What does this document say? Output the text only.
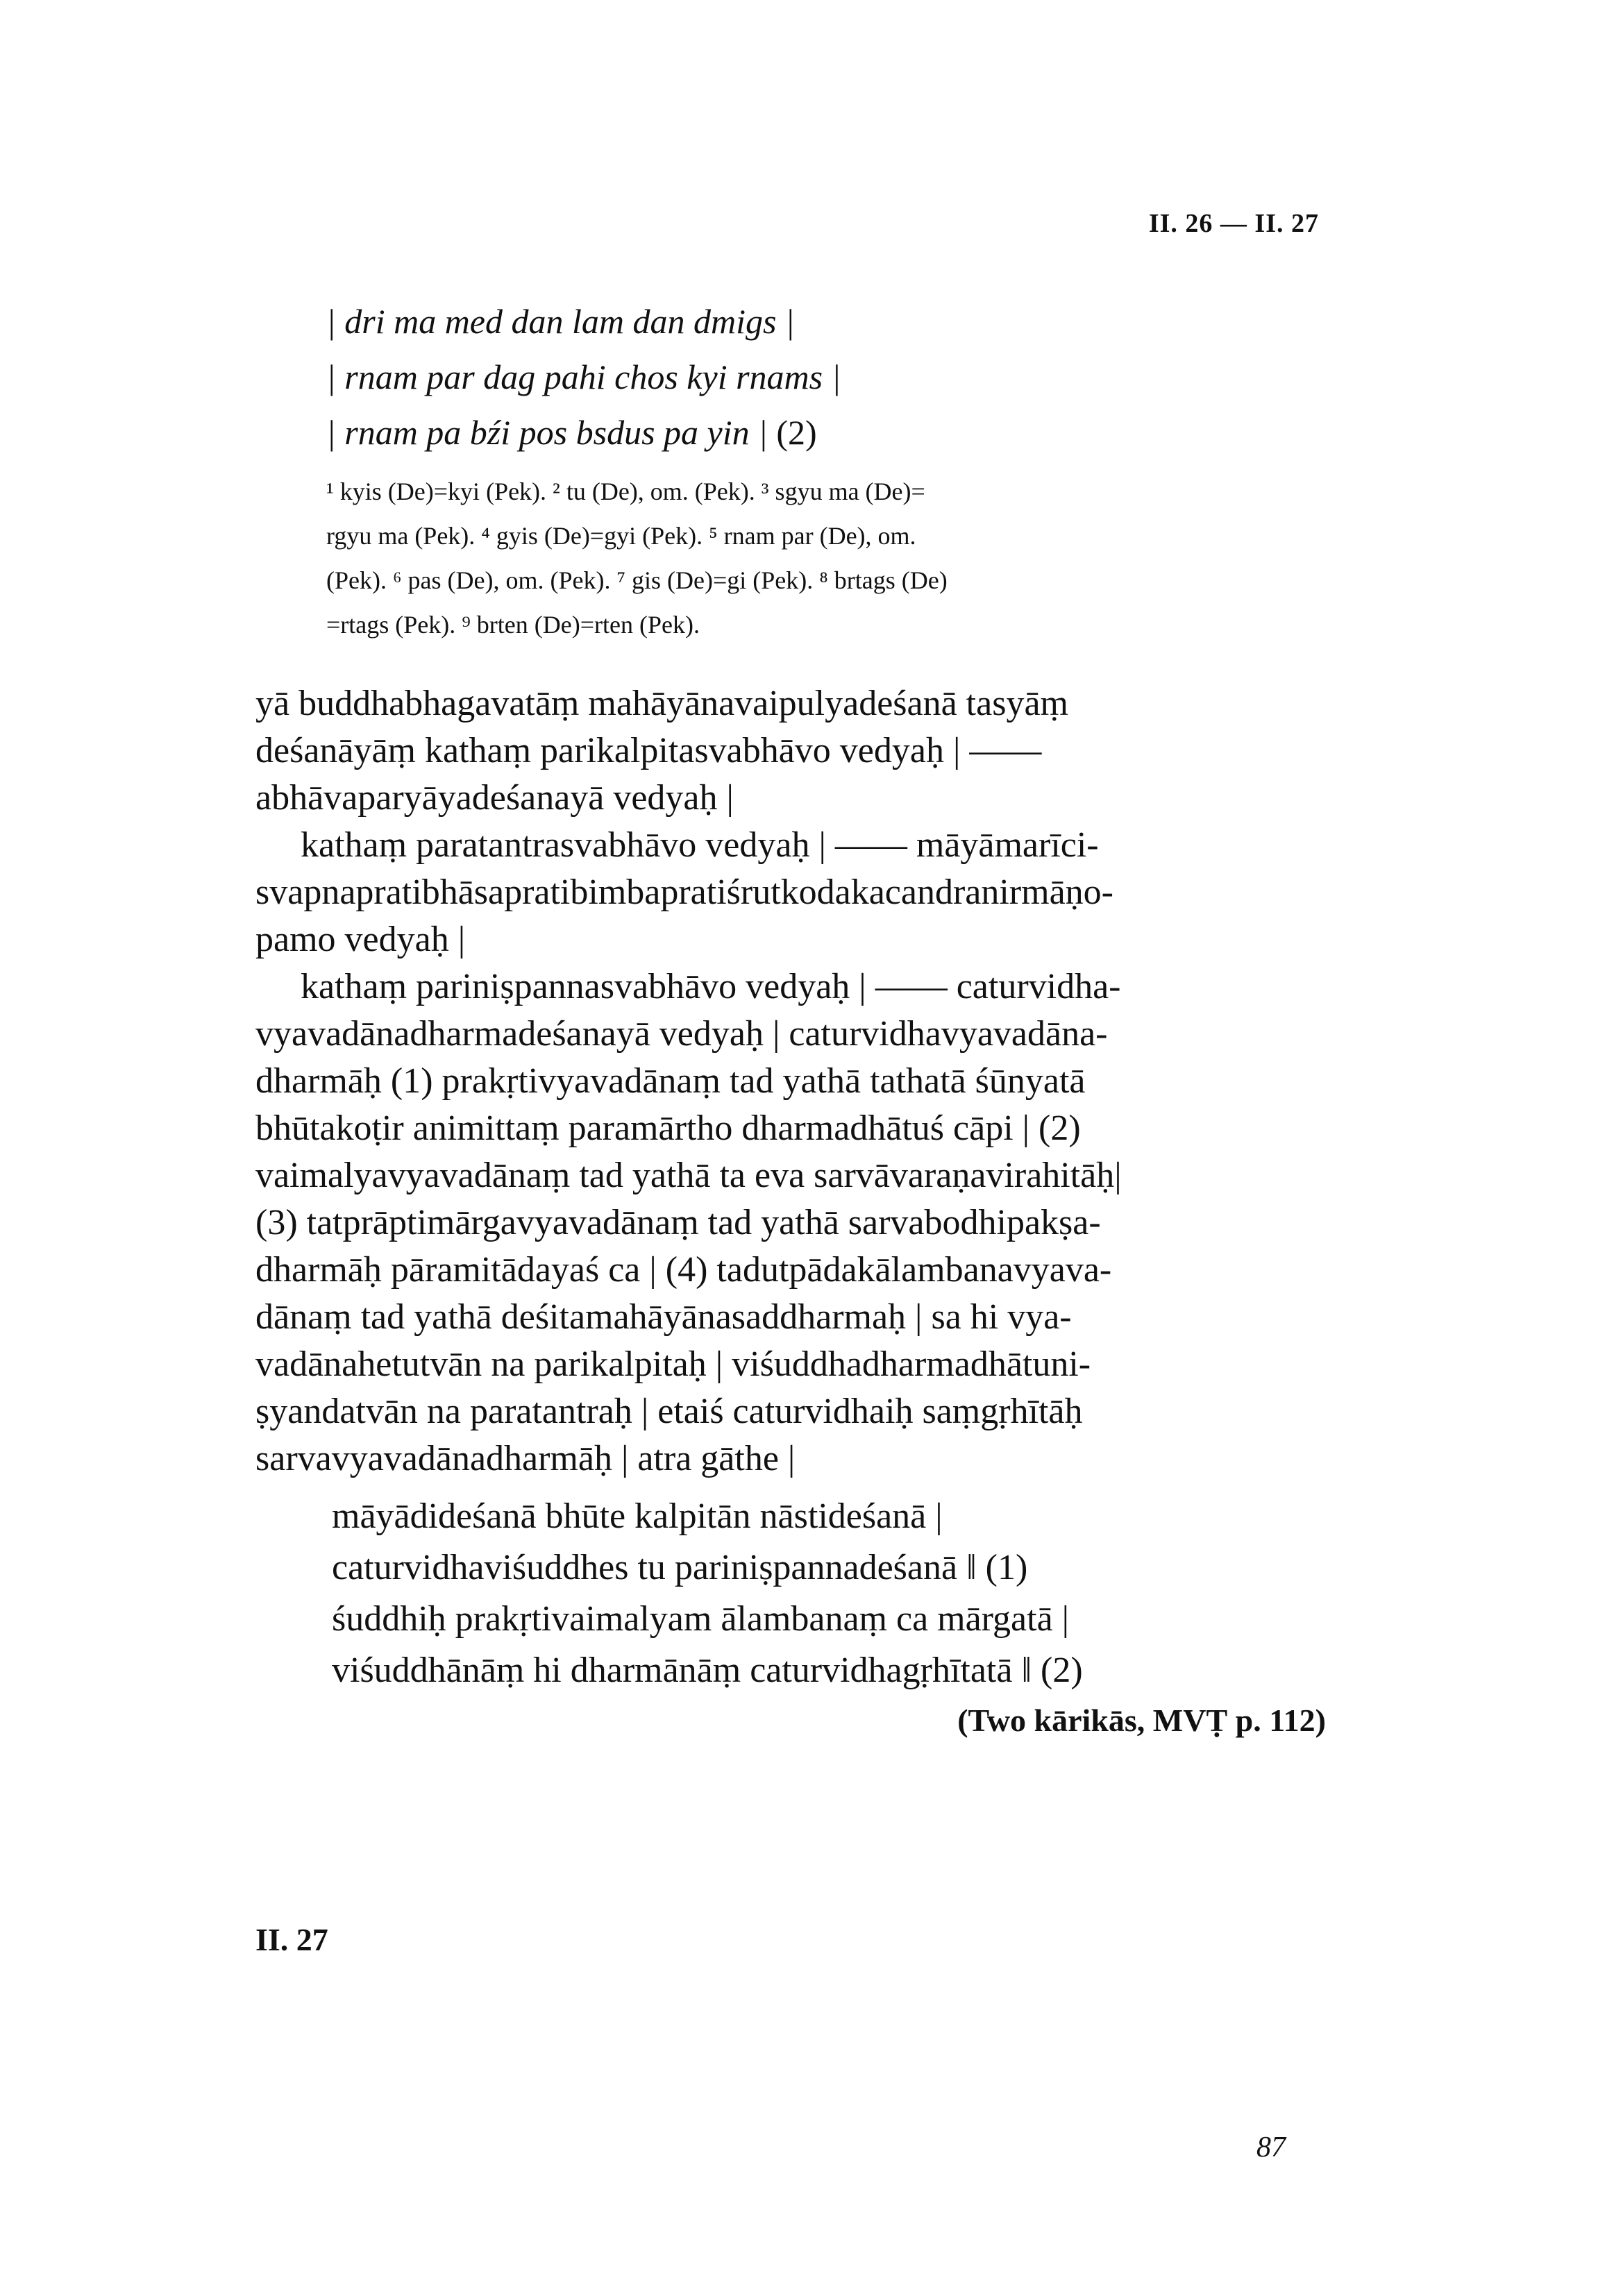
II. 26 — II. 27
| dri ma med dan lam dan dmigs |
| rnam par dag pahi chos kyi rnams |
| rnam pa bźi pos bsdus pa yin | (2)
¹ kyis (De)=kyi (Pek). ² tu (De), om. (Pek). ³ sgyu ma (De)=
rgyu ma (Pek). ⁴ gyis (De)=gyi (Pek). ⁵ rnam par (De), om.
(Pek). ⁶ pas (De), om. (Pek). ⁷ gis (De)=gi (Pek). ⁸ brtags (De)
=rtags (Pek). ⁹ brten (De)=rten (Pek).
yā buddhabhagavatāṃ mahāyānavaipulyadeśanā tasyāṃ
deśanāyāṃ kathaṃ parikalpitasvabhāvo vedyaḥ | ——
abhāvaparyāyadeśanayā vedyaḥ |
kathaṃ paratantrasvabhāvo vedyaḥ | —— māyāmarīci-
svapnapratibhāsapratibimbapratiśrutkodakacandranirmāṇo-
pamo vedyaḥ |
kathaṃ pariniṣpannasvabhāvo vedyaḥ | —— caturvidha-
vyavadānadharmadeśanayā vedyaḥ | caturvidhavyavadāna-
dharmāḥ (1) prakṛtivyavadānaṃ tad yathā tathatā śūnyatā
bhūtakoṭir animittaṃ paramārtho dharmadhātuś cāpi | (2)
vaimalyavyavadānaṃ tad yathā ta eva sarvāvaraṇavirahitāḥ|
(3) tatprāptimārgavyavadānaṃ tad yathā sarvabodhipakṣa-
dharmāḥ pāramitādayaś ca | (4) tadutpādakālambanavyava-
dānaṃ tad yathā deśitamahāyānasaddharmaḥ | sa hi vya-
vadānahetutvān na parikalpitaḥ | viśuddhadharmadhātuni-
ṣyandatvān na paratantraḥ | etaiś caturvidhaiḥ saṃgṛhītāḥ
sarvavyavadānadharmāḥ | atra gāthe |
māyādideśanā bhūte kalpitān nāstideśanā |
caturvidhaviśuddhes tu pariniṣpannadeśanā ‖ (1)
śuddhiḥ prakṛtivaimalyam ālambanaṃ ca mārgatā |
viśuddhānāṃ hi dharmānāṃ caturvidhagṛhītatā ‖ (2)
(Two kārikās, MVṬ p. 112)
II. 27
87
